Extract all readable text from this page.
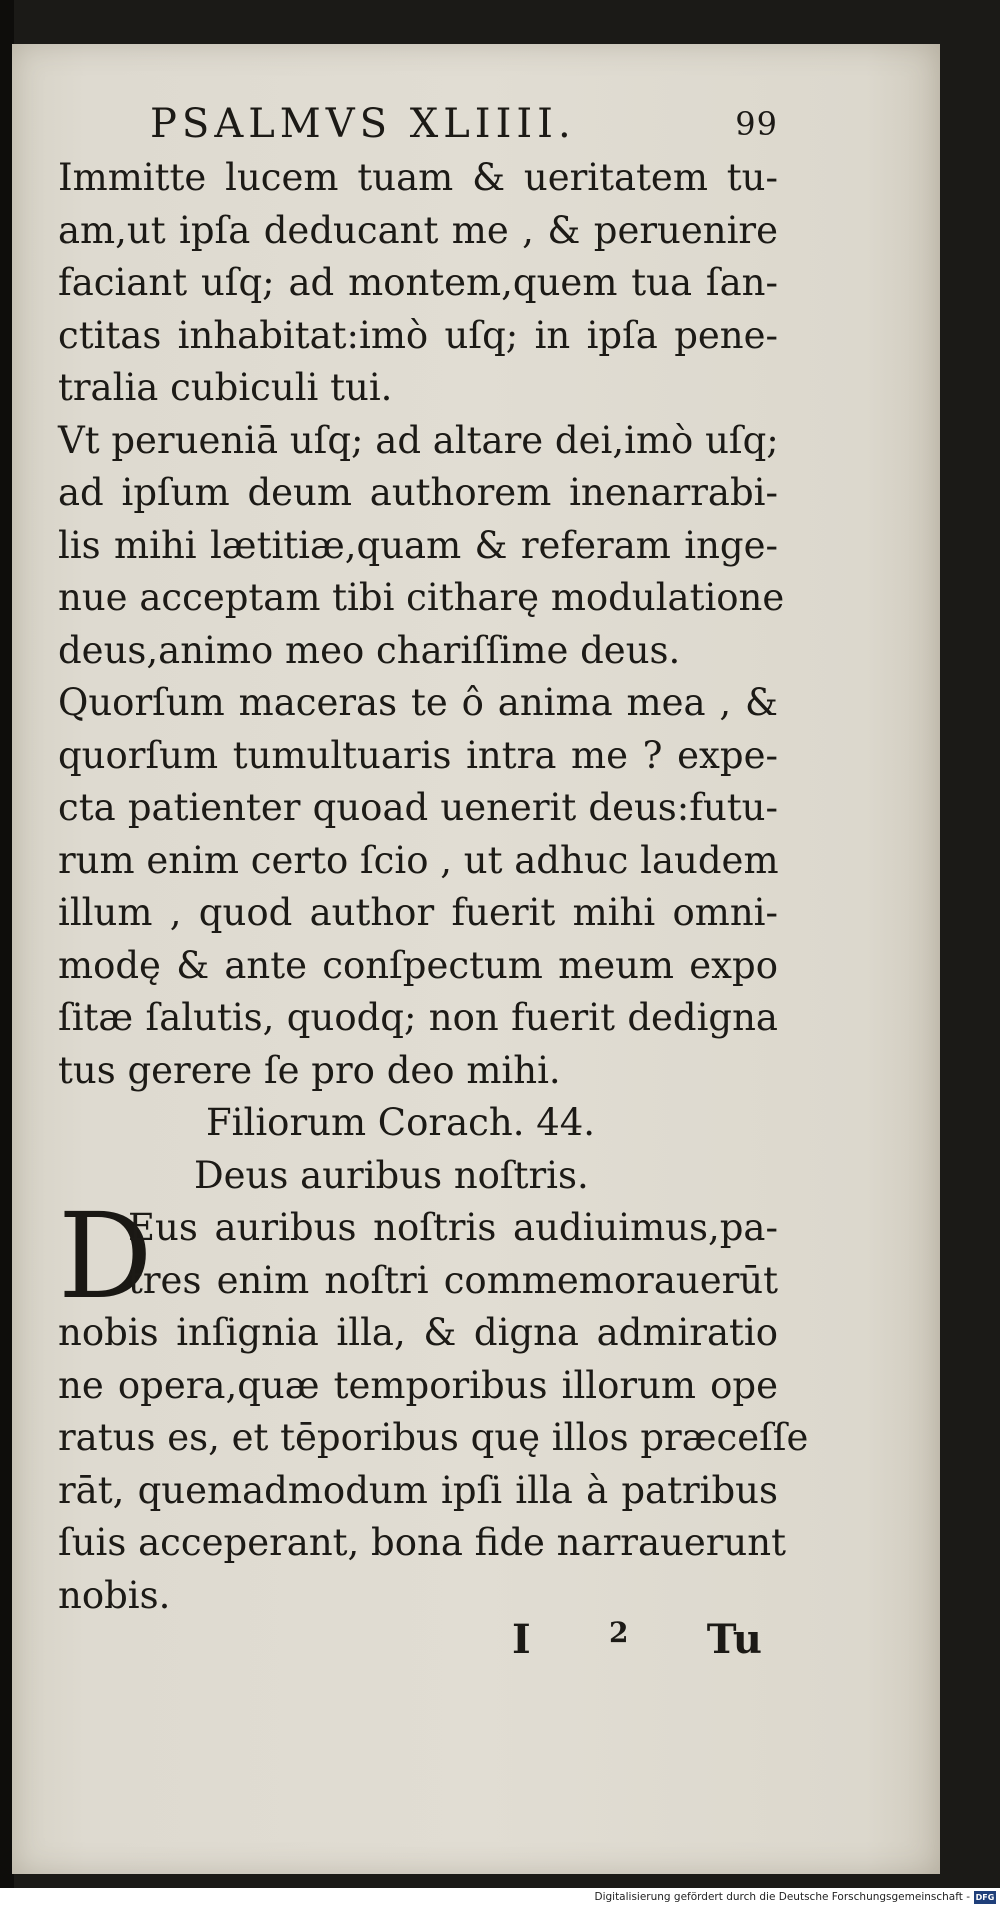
PSALMVS XLIIII.	99
Immitte lucem tuam & ueritatem tu-
am,ut ipſa deducant me , & peruenire
faciant uſq; ad montem,quem tua ſan-
ctitas inhabitat:imò uſq; in ipſa pene-
tralia cubiculi tui.
Vt perueniā uſq; ad altare dei,imò uſq;
ad ipſum deum authorem inenarrabi-
lis mihi lætitiæ,quam & referam inge-
nue acceptam tibi citharę modulatione
deus,animo meo chariſſime deus.
Quorſum maceras te ô anima mea , &
quorſum tumultuaris intra me ? expe-
cta patienter quoad uenerit deus:futu-
rum enim certo ſcio , ut adhuc laudem
illum , quod author fuerit mihi omni-
modę & ante conſpectum meum expo
ſitæ ſalutis, quodq; non fuerit dedigna
tus gerere ſe pro deo mihi.
Filiorum Corach. 44.
Deus auribus noſtris.
D
Eus auribus noſtris audiuimus,pa-
tres enim noſtri commemorauerūt
nobis inſignia illa, & digna admiratio
ne opera,quæ temporibus illorum ope
ratus es, et tēporibus quę illos præceſſe
rāt, quemadmodum ipſi illa à patribus
ſuis acceperant, bona fide narrauerunt
nobis.
I	2 Tu
Digitalisierung gefördert durch die Deutsche Forschungsgemeinschaft - DFG
